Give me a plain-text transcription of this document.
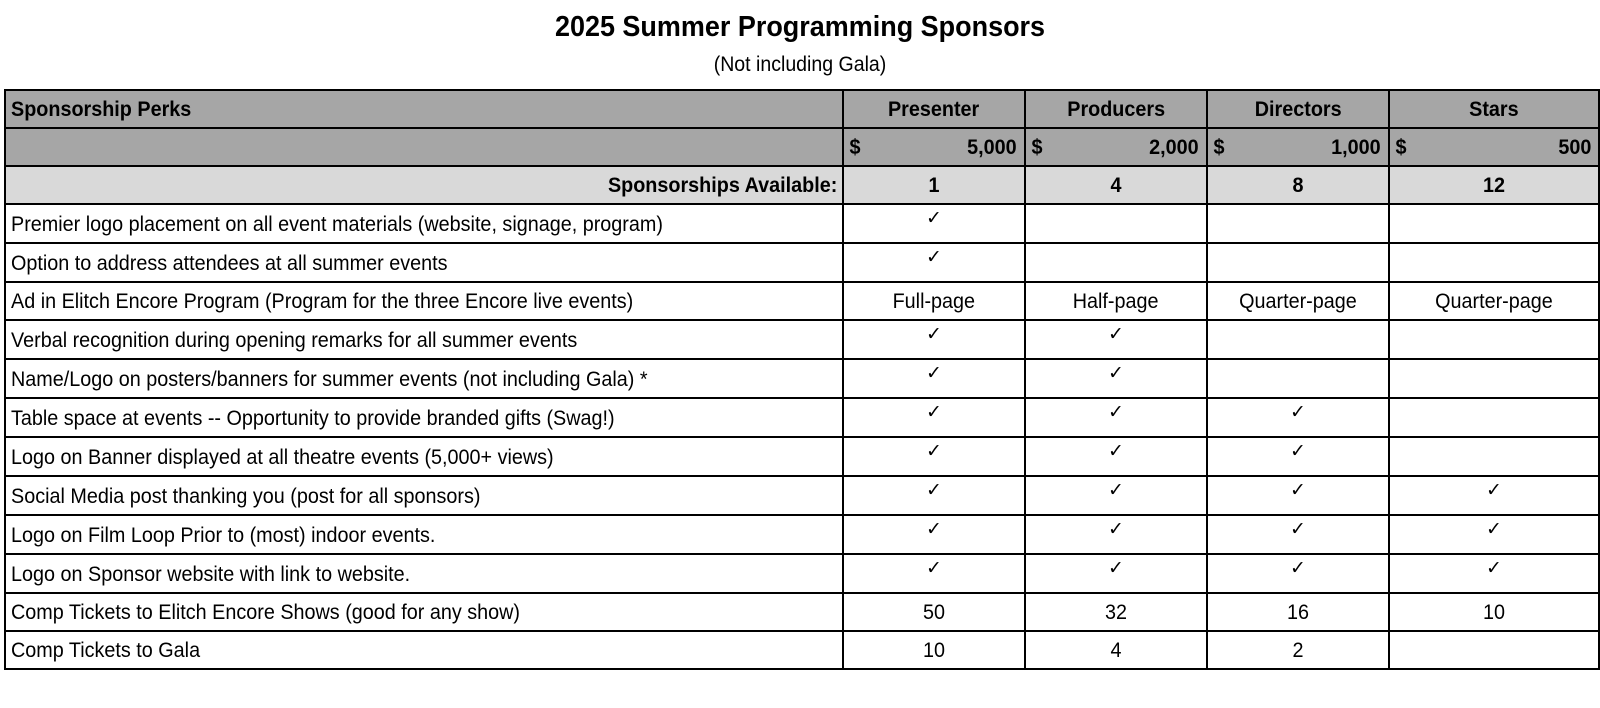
2025 Summer Programming Sponsors
(Not including Gala)
Sponsorship Perks	Presenter	Producers	Directors	Stars

	$ 5,000	$ 2,000	$ 1,000	$ 500

Sponsorships Available:	1	4	8	12
Premier logo placement on all event materials (website, signage, program)	✓			
Option to address attendees at all summer events	✓			
Ad in Elitch Encore Program (Program for the three Encore live events)	Full-page	Half-page	Quarter-page	Quarter-page
Verbal recognition during opening remarks for all summer events	✓	✓		
Name/Logo on posters/banners for summer events (not including Gala) *	✓	✓		
Table space at events -- Opportunity to provide branded gifts (Swag!)	✓	✓	✓	
Logo on Banner displayed at all theatre events (5,000+ views)	✓	✓	✓	
Social Media post thanking you (post for all sponsors)	✓	✓	✓	✓
Logo on Film Loop Prior to (most) indoor events.	✓	✓	✓	✓
Logo on Sponsor website with link to website.	✓	✓	✓	✓
Comp Tickets to Elitch Encore Shows (good for any show)	50	32	16	10
Comp Tickets to Gala	10	4	2	
